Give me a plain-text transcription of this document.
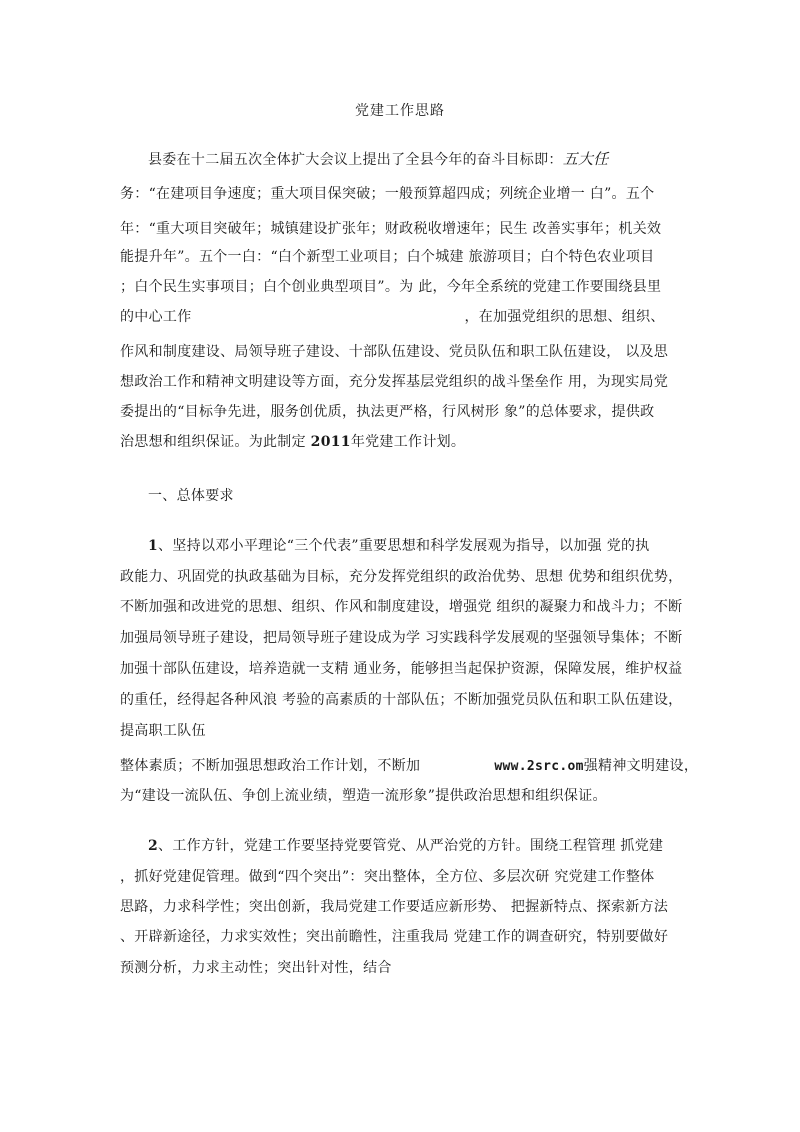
党建工作思路
县委在十二届五次全体扩大会议上提出了全县今年的奋斗目标即：五大任
务：“在建项目争速度；重大项目保突破；一般预算超四成；列统企业增一 白”。五个
年：“重大项目突破年；城镇建设扩张年；财政税收增速年；民生 改善实事年；机关效
能提升年”。五个一白：“白个新型工业项目；白个城建 旅游项目；白个特色农业项目
；白个民生实事项目；白个创业典型项目”。为 此，今年全系统的党建工作要围绕县里
的中心工作	，在加强党组织的思想、组织、
作风和制度建设、局领导班子建设、十部队伍建设、党员队伍和职工队伍建设， 以及思
想政治工作和精神文明建设等方面，充分发挥基层党组织的战斗堡垒作 用，为现实局党
委提出的“目标争先进，服务创优质，执法更严格，行风树形 象”的总体要求，提供政
治思想和组织保证。为此制定 2011年党建工作计划。
一、总体要求
1、坚持以邓小平理论“三个代表”重要思想和科学发展观为指导，以加强 党的执
政能力、巩固党的执政基础为目标，充分发挥党组织的政治优势、思想 优势和组织优势，
不断加强和改进党的思想、组织、作风和制度建设，增强党 组织的凝聚力和战斗力；不断
加强局领导班子建设，把局领导班子建设成为学 习实践科学发展观的坚强领导集体；不断
加强十部队伍建设，培养造就一支精 通业务，能够担当起保护资源，保障发展，维护权益
的重任，经得起各种风浪 考验的高素质的十部队伍；不断加强党员队伍和职工队伍建设，
提高职工队伍
整体素质；不断加强思想政治工作计划，不断加	www.2src.om强精神文明建设，
为“建设一流队伍、争创上流业绩，塑造一流形象”提供政治思想和组织保证。
2、工作方针，党建工作要坚持党要管党、从严治党的方针。围绕工程管理 抓党建
，抓好党建促管理。做到“四个突出”：突出整体，全方位、多层次研 究党建工作整体
思路，力求科学性；突出创新，我局党建工作要适应新形势、 把握新特点、探索新方法
、开辟新途径，力求实效性；突出前瞻性，注重我局 党建工作的调查研究，特别要做好
预测分析，力求主动性；突出针对性，结合
